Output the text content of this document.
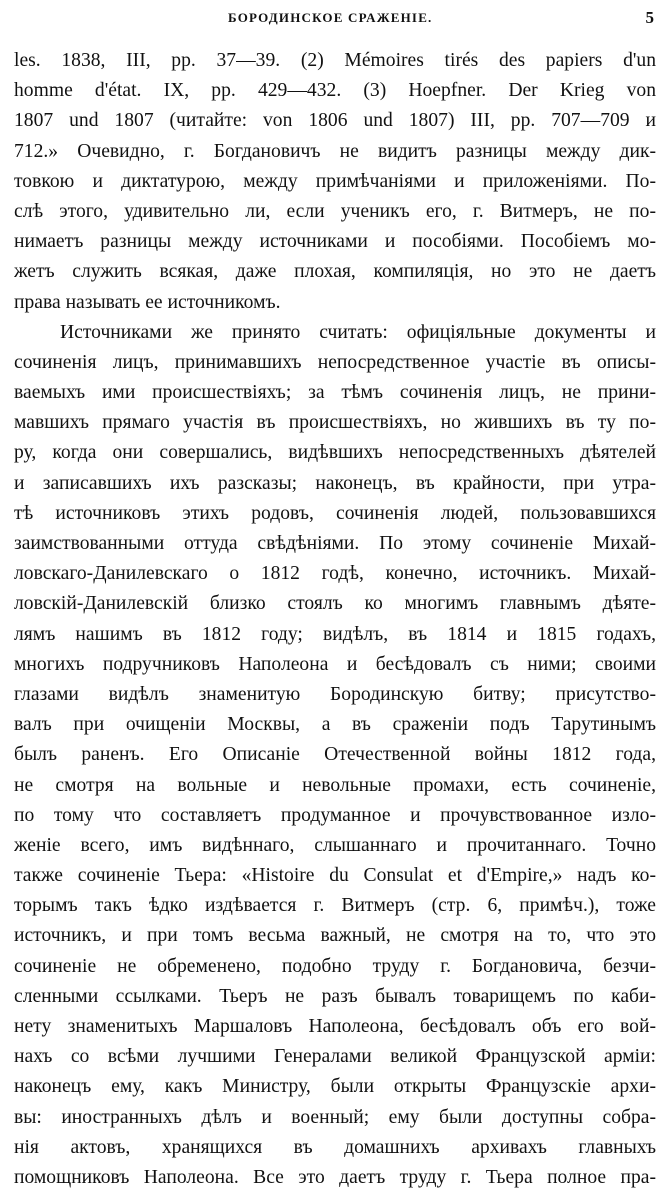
БОРОДИНСКОЕ СРАЖЕНІЕ.	5
les. 1838, III, pp. 37—39. (2) Mémoires tirés des papiers d'un
homme d'état. IX, pp. 429—432. (3) Hoepfner. Der Krieg von
1807 und 1807 (читайте: von 1806 und 1807) III, pp. 707—709 и
712.» Очевидно, г. Богдановичъ не видитъ разницы между дик-
товкою и диктатурою, между примѣчаніями и приложеніями. По-
слѣ этого, удивительно ли, если ученикъ его, г. Витмеръ, не по-
нимаетъ разницы между источниками и пособіями. Пособіемъ мо-
жетъ служить всякая, даже плохая, компиляція, но это не даетъ
права называть ее источникомъ.
Источниками же принято считать: офиціяльные документы и
сочиненія лицъ, принимавшихъ непосредственное участіе въ описы-
ваемыхъ ими происшествіяхъ; за тѣмъ сочиненія лицъ, не прини-
мавшихъ прямаго участія въ происшествіяхъ, но жившихъ въ ту по-
ру, когда они совершались, видѣвшихъ непосредственныхъ дѣятелей
и записавшихъ ихъ разсказы; наконецъ, въ крайности, при утра-
тѣ источниковъ этихъ родовъ, сочиненія людей, пользовавшихся
заимствованными оттуда свѣдѣніями. По этому сочиненіе Михай-
ловскаго-Данилевскаго о 1812 годѣ, конечно, источникъ. Михай-
ловскій-Данилевскій близко стоялъ ко многимъ главнымъ дѣяте-
лямъ нашимъ въ 1812 году; видѣлъ, въ 1814 и 1815 годахъ,
многихъ подручниковъ Наполеона и бесѣдовалъ съ ними; своими
глазами видѣлъ знаменитую Бородинскую битву; присутство-
валъ при очищеніи Москвы, а въ сраженіи подъ Тарутинымъ
былъ раненъ. Его Описаніе Отечественной войны 1812 года,
не смотря на вольные и невольные промахи, есть сочиненіе,
по тому что составляетъ продуманное и прочувствованное изло-
женіе всего, имъ видѣннаго, слышаннаго и прочитаннаго. Точно
также сочиненіе Тьера: «Histoire du Consulat et d'Empire,» надъ ко-
торымъ такъ ѣдко издѣвается г. Витмеръ (стр. 6, примѣч.), тоже
источникъ, и при томъ весьма важный, не смотря на то, что это
сочиненіе не обременено, подобно труду г. Богдановича, безчи-
сленными ссылками. Тьеръ не разъ бывалъ товарищемъ по каби-
нету знаменитыхъ Маршаловъ Наполеона, бесѣдовалъ объ его вой-
нахъ со всѣми лучшими Генералами великой Французской арміи:
наконецъ ему, какъ Министру, были открыты Французскіе архи-
вы: иностранныхъ дѣлъ и военный; ему были доступны собра-
нія актовъ, хранящихся въ домашнихъ архивахъ главныхъ
помощниковъ Наполеона. Все это даетъ труду г. Тьера полное пра-
